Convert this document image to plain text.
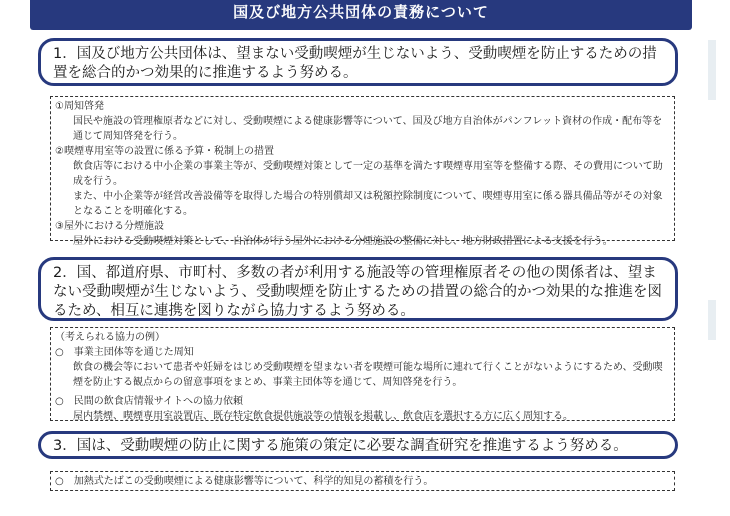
国及び地方公共団体の責務について
1．国及び地方公共団体は、望まない受動喫煙が生じないよう、受動喫煙を防止するための措置を総合的かつ効果的に推進するよう努める。
①周知啓発
国民や施設の管理権原者などに対し、受動喫煙による健康影響等について、国及び地方自治体がパンフレット資材の作成・配布等を通じて周知啓発を行う。
②喫煙専用室等の設置に係る予算・税制上の措置
飲食店等における中小企業の事業主等が、受動喫煙対策として一定の基準を満たす喫煙専用室等を整備する際、その費用について助成を行う。
また、中小企業等が経営改善設備等を取得した場合の特別償却又は税額控除制度について、喫煙専用室に係る器具備品等がその対象となることを明確化する。
③屋外における分煙施設
屋外における受動喫煙対策として、自治体が行う屋外における分煙施設の整備に対し、地方財政措置による支援を行う。
2．国、都道府県、市町村、多数の者が利用する施設等の管理権原者その他の関係者は、望まない受動喫煙が生じないよう、受動喫煙を防止するための措置の総合的かつ効果的な推進を図るため、相互に連携を図りながら協力するよう努める。
（考えられる協力の例）
○　事業主団体等を通じた周知
飲食の機会等において患者や妊婦をはじめ受動喫煙を望まない者を喫煙可能な場所に連れて行くことがないようにするため、受動喫煙を防止する観点からの留意事項をまとめ、事業主団体等を通じて、周知啓発を行う。
○　民間の飲食店情報サイトへの協力依頼
屋内禁煙、喫煙専用室設置店、既存特定飲食提供施設等の情報を掲載し、飲食店を選択する方に広く周知する。
3．国は、受動喫煙の防止に関する施策の策定に必要な調査研究を推進するよう努める。
○　加熱式たばこの受動喫煙による健康影響等について、科学的知見の蓄積を行う。
